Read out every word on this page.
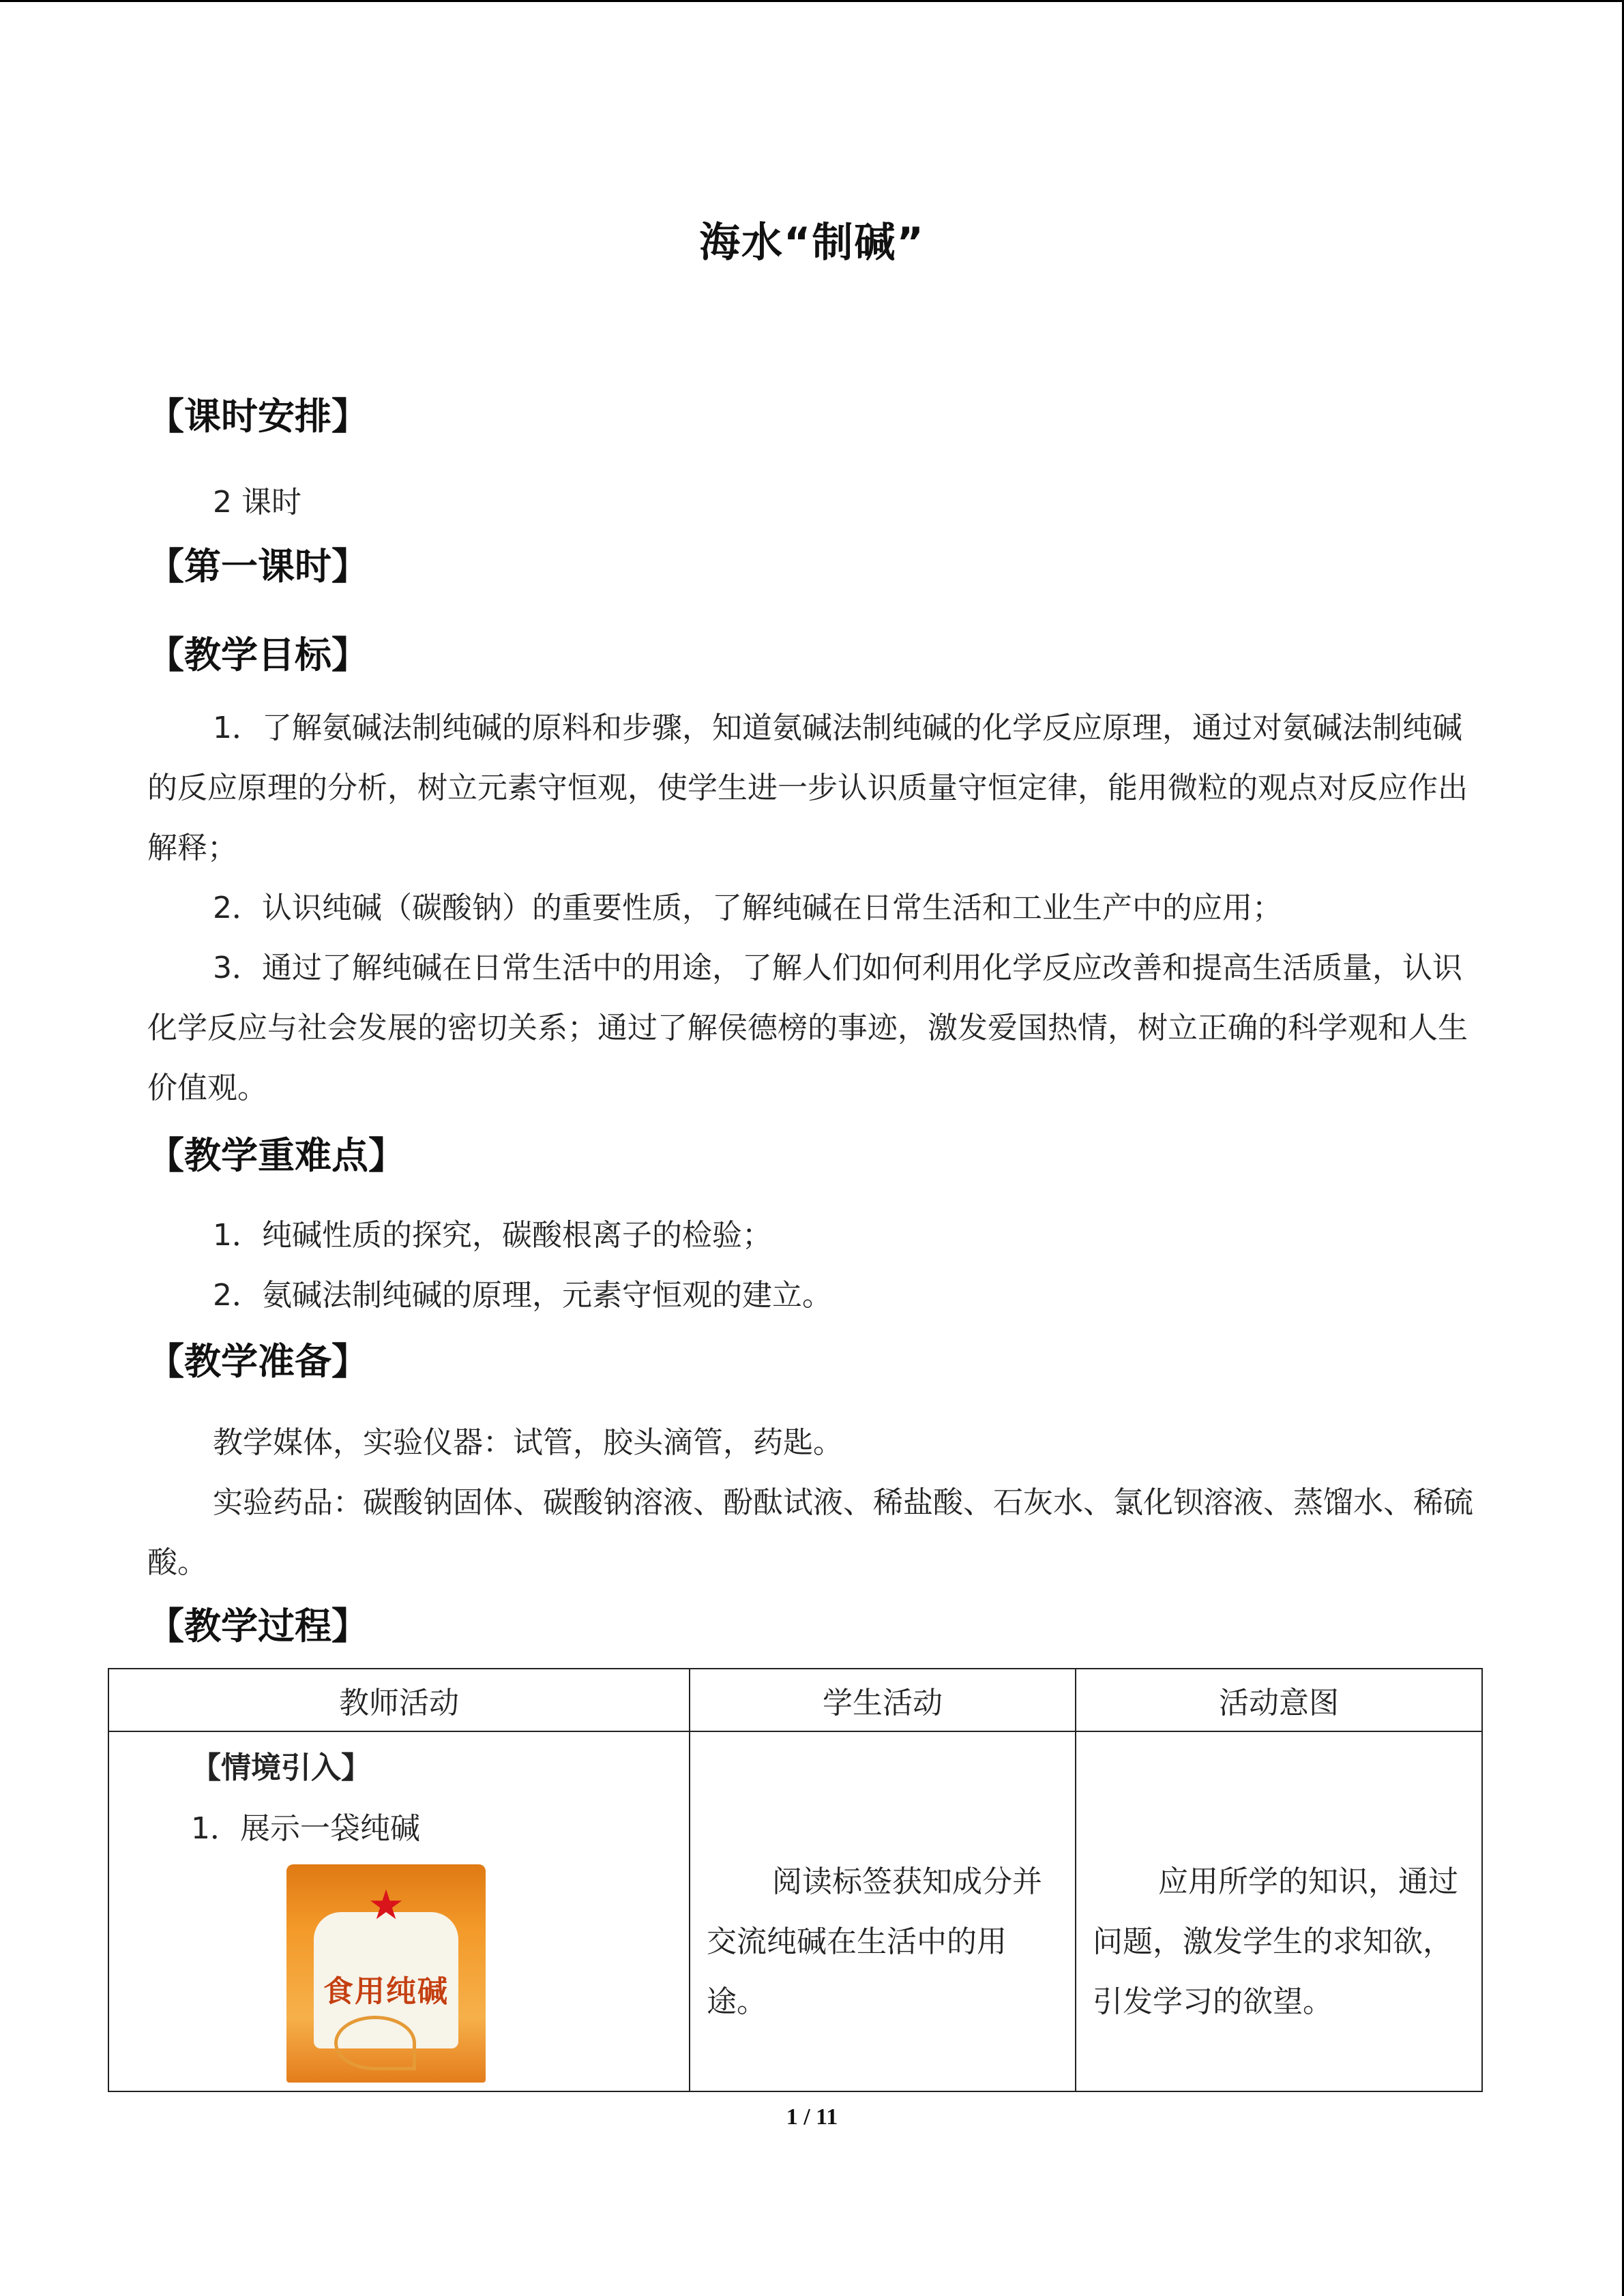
海水“制碱”
【课时安排】
2 课时
【第一课时】
【教学目标】

1．了解氨碱法制纯碱的原料和步骤，知道氨碱法制纯碱的化学反应原理，通过对氨碱法制纯碱的反应原理的分析，树立元素守恒观，使学生进一步认识质量守恒定律，能用微粒的观点对反应作出解释；

2．认识纯碱（碳酸钠）的重要性质，了解纯碱在日常生活和工业生产中的应用；

3．通过了解纯碱在日常生活中的用途，了解人们如何利用化学反应改善和提高生活质量，认识化学反应与社会发展的密切关系；通过了解侯德榜的事迹，激发爱国热情，树立正确的科学观和人生价值观。

【教学重难点】

1．纯碱性质的探究，碳酸根离子的检验；

2．氨碱法制纯碱的原理，元素守恒观的建立。

【教学准备】

教学媒体，实验仪器：试管，胶头滴管，药匙。

实验药品：碳酸钠固体、碳酸钠溶液、酚酞试液、稀盐酸、石灰水、氯化钡溶液、蒸馏水、稀硫酸。

【教学过程】
教师活动	学生活动	活动意图

【情境引入】
1．展示一袋纯碱
★
食用纯碱	阅读标签获知成分并交流纯碱在生活中的用途。	应用所学的知识，通过问题，激发学生的求知欲，引发学习的欲望。
1 / 11
